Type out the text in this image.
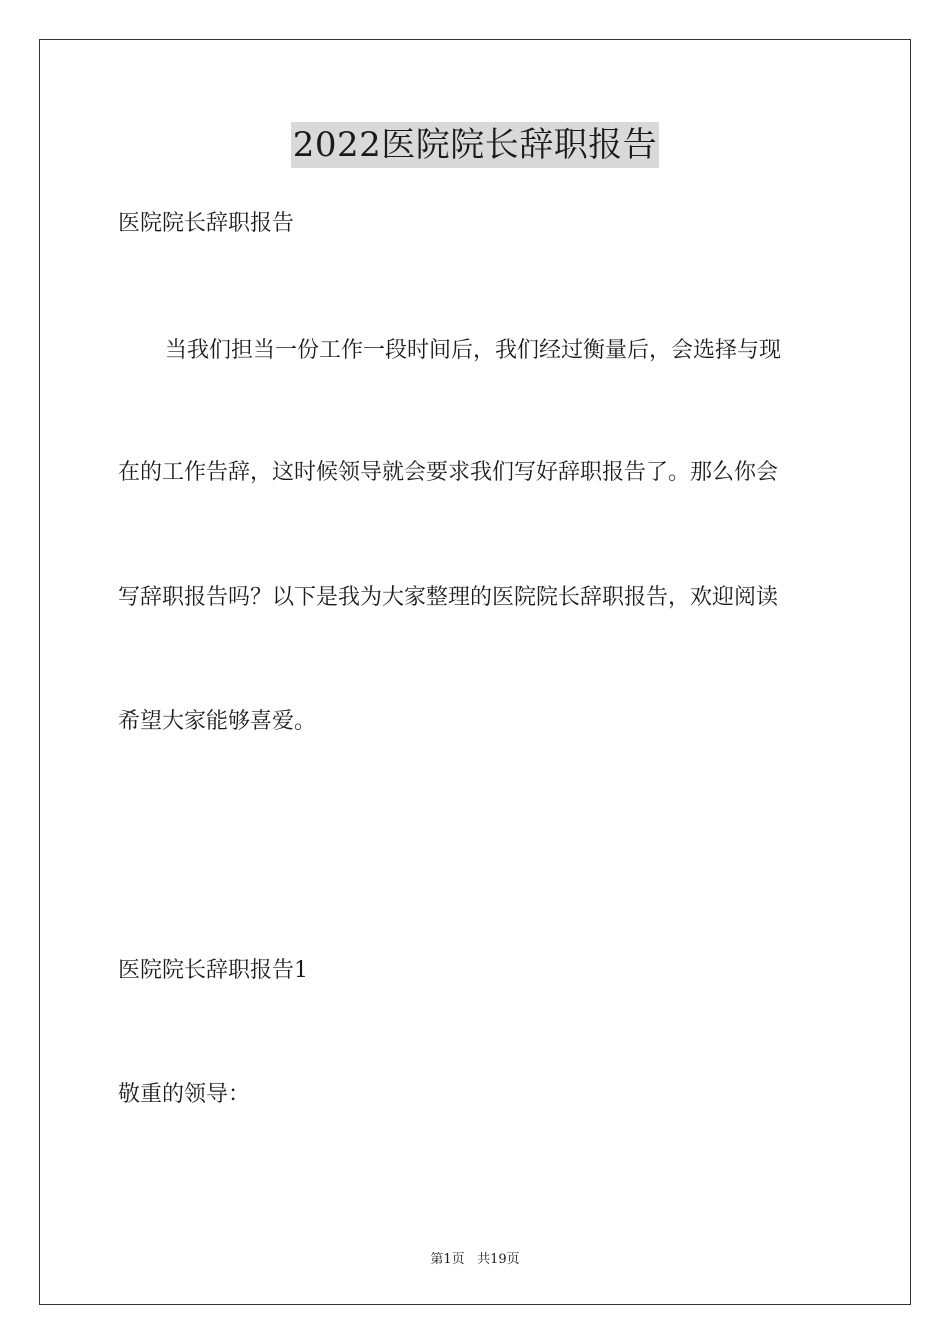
2022医院院长辞职报告
医院院长辞职报告
当我们担当一份工作一段时间后，我们经过衡量后，会选择与现
在的工作告辞，这时候领导就会要求我们写好辞职报告了。那么你会
写辞职报告吗？以下是我为大家整理的医院院长辞职报告，欢迎阅读
希望大家能够喜爱。
医院院长辞职报告1
敬重的领导：
第1页 共19页
